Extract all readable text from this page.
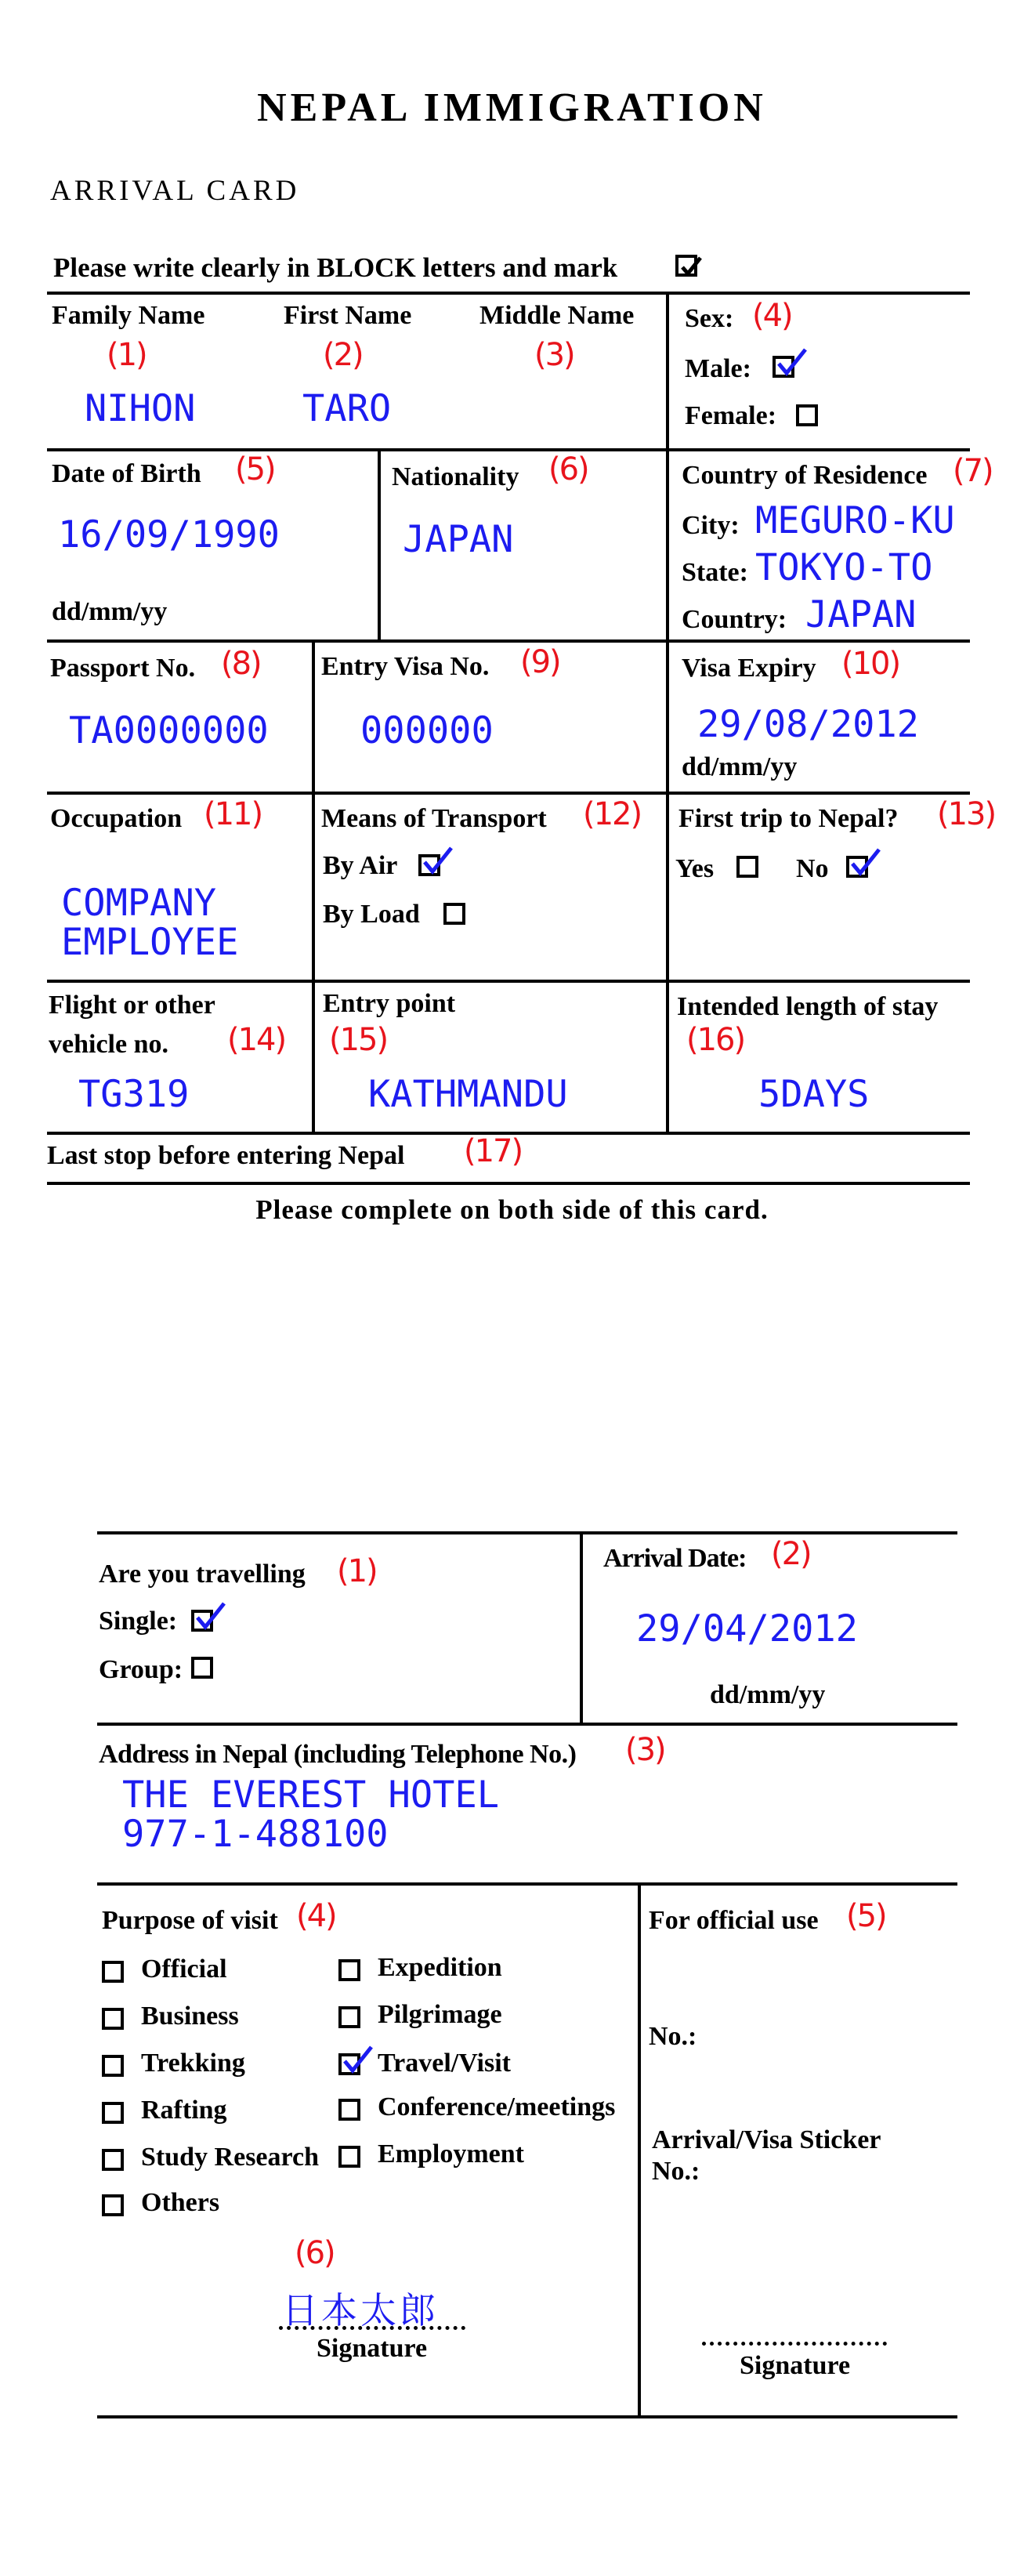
NEPAL IMMIGRATION
ARRIVAL CARD
Please write clearly in BLOCK letters and mark
Family Name
(1)
NIHON
First Name
(2)
TARO
Middle Name
(3)
Sex: (4)
Male:
Female:
Date of Birth (5)
16/09/1990
dd/mm/yy
Nationality (6)
JAPAN
Country of Residence (7)
City: MEGURO-KU
State: TOKYO-TO
Country: JAPAN
Passport No. (8)
TA0000000
Entry Visa No. (9)
000000
Visa Expiry (10)
29/08/2012
dd/mm/yy
Occupation (11)
COMPANY
EMPLOYEE
Means of Transport (12)
By Air
By Load
First trip to Nepal? (13)
Yes	No
Flight or other
vehicle no. (14)
TG319
Entry point
(15)
KATHMANDU
Intended length of stay
(16)
5DAYS
Last stop before entering Nepal (17)
Please complete on both side of this card.
Are you travelling (1)
Single:
Group:
Arrival Date: (2)
29/04/2012
dd/mm/yy
Address in Nepal (including Telephone No.) (3)
THE EVEREST HOTEL
977-1-488100
Purpose of visit (4)
Official
Business
Trekking
Rafting
Study Research
Others
Expedition
Pilgrimage
Travel/Visit
Conference/meetings
Employment
(6)
日本太郎
Signature
For official use (5)
No.:
Arrival/Visa Sticker
No.:
Signature
